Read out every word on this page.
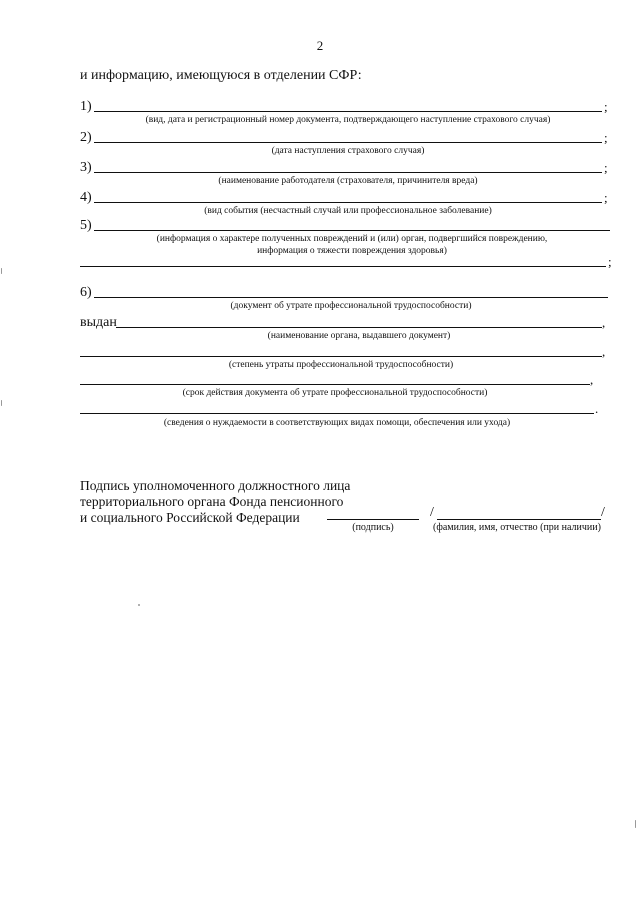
2
и информацию, имеющуюся в отделении СФР:
1)	;
(вид, дата и регистрационный номер документа, подтверждающего наступление страхового случая)
2)	;
(дата наступления страхового случая)
3)	;
(наименование работодателя (страхователя, причинителя вреда)
4)	;
(вид события (несчастный случай или профессиональное заболевание)
5)
(информация о характере полученных повреждений и (или) орган, подвергшийся повреждению,
информация о тяжести повреждения здоровья)
;
6)
(документ об утрате профессиональной трудоспособности)
выдан	,
(наименование органа, выдавшего документ)
,
(степень утраты профессиональной трудоспособности)
,
(срок действия документа об утрате профессиональной трудоспособности)
.
(сведения о нуждаемости в соответствующих видах помощи, обеспечения или ухода)
Подпись уполномоченного должностного лица
территориального органа Фонда пенсионного
и социального Российской Федерации
(подпись)
/	/
(фамилия, имя, отчество (при наличии)
